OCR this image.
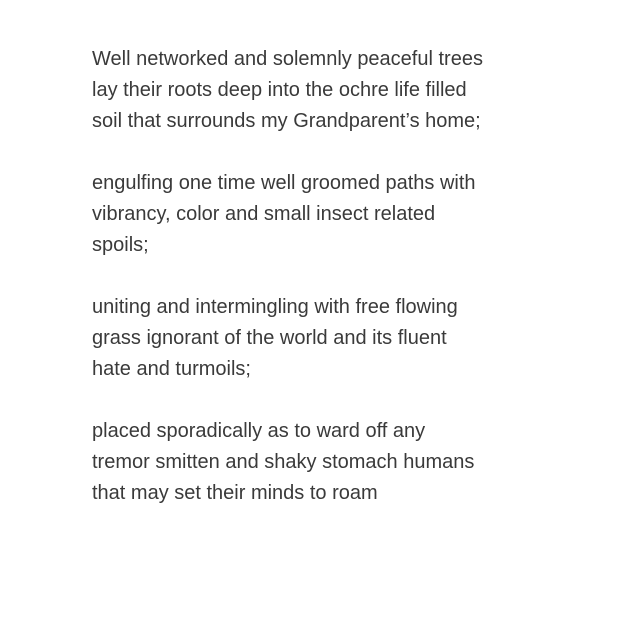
Well networked and solemnly peaceful trees
lay their roots deep into the ochre life filled
soil that surrounds my Grandparent’s home;

engulfing one time well groomed paths with
vibrancy, color and small insect related
spoils;

uniting and intermingling with free flowing
grass ignorant of the world and its fluent
hate and turmoils;

placed sporadically as to ward off any
tremor smitten and shaky stomach humans
that may set their minds to roam
